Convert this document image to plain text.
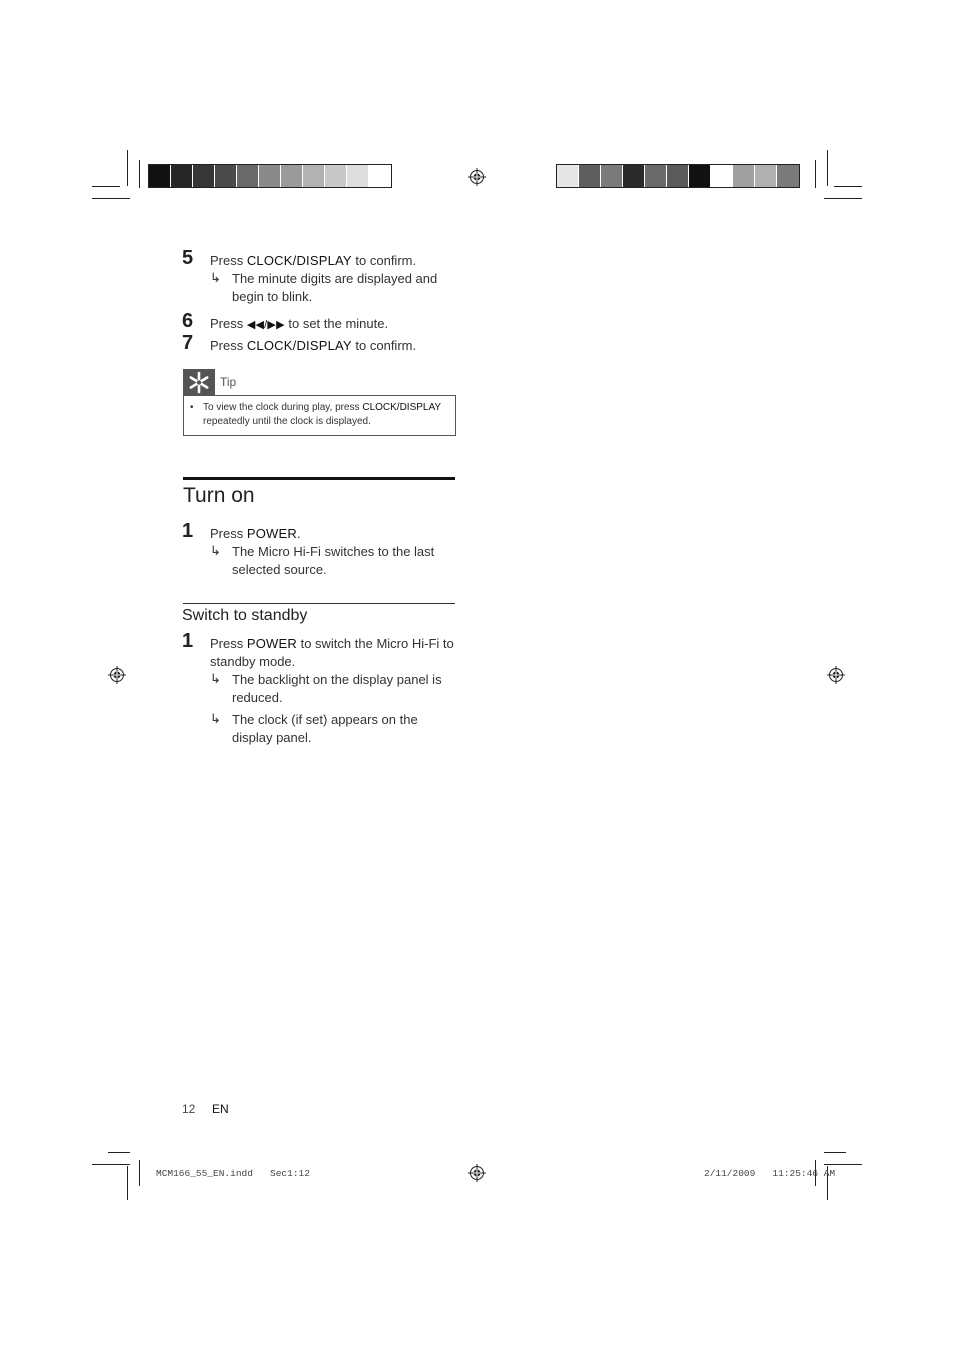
5	Press CLOCK/DISPLAY to confirm.
↳ The minute digits are displayed and begin to blink.
6	Press ◀◀/▶▶ to set the minute.
7	Press CLOCK/DISPLAY to confirm.
Tip
• To view the clock during play, press CLOCK/DISPLAY repeatedly until the clock is displayed.
Turn on
1	Press POWER.
↳ The Micro Hi-Fi switches to the last selected source.
Switch to standby
1	Press POWER to switch the Micro Hi-Fi to standby mode.
↳ The backlight on the display panel is reduced.
↳ The clock (if set) appears on the display panel.
12 EN
MCM166_55_EN.indd   Sec1:12	2/11/2009   11:25:46 AM
